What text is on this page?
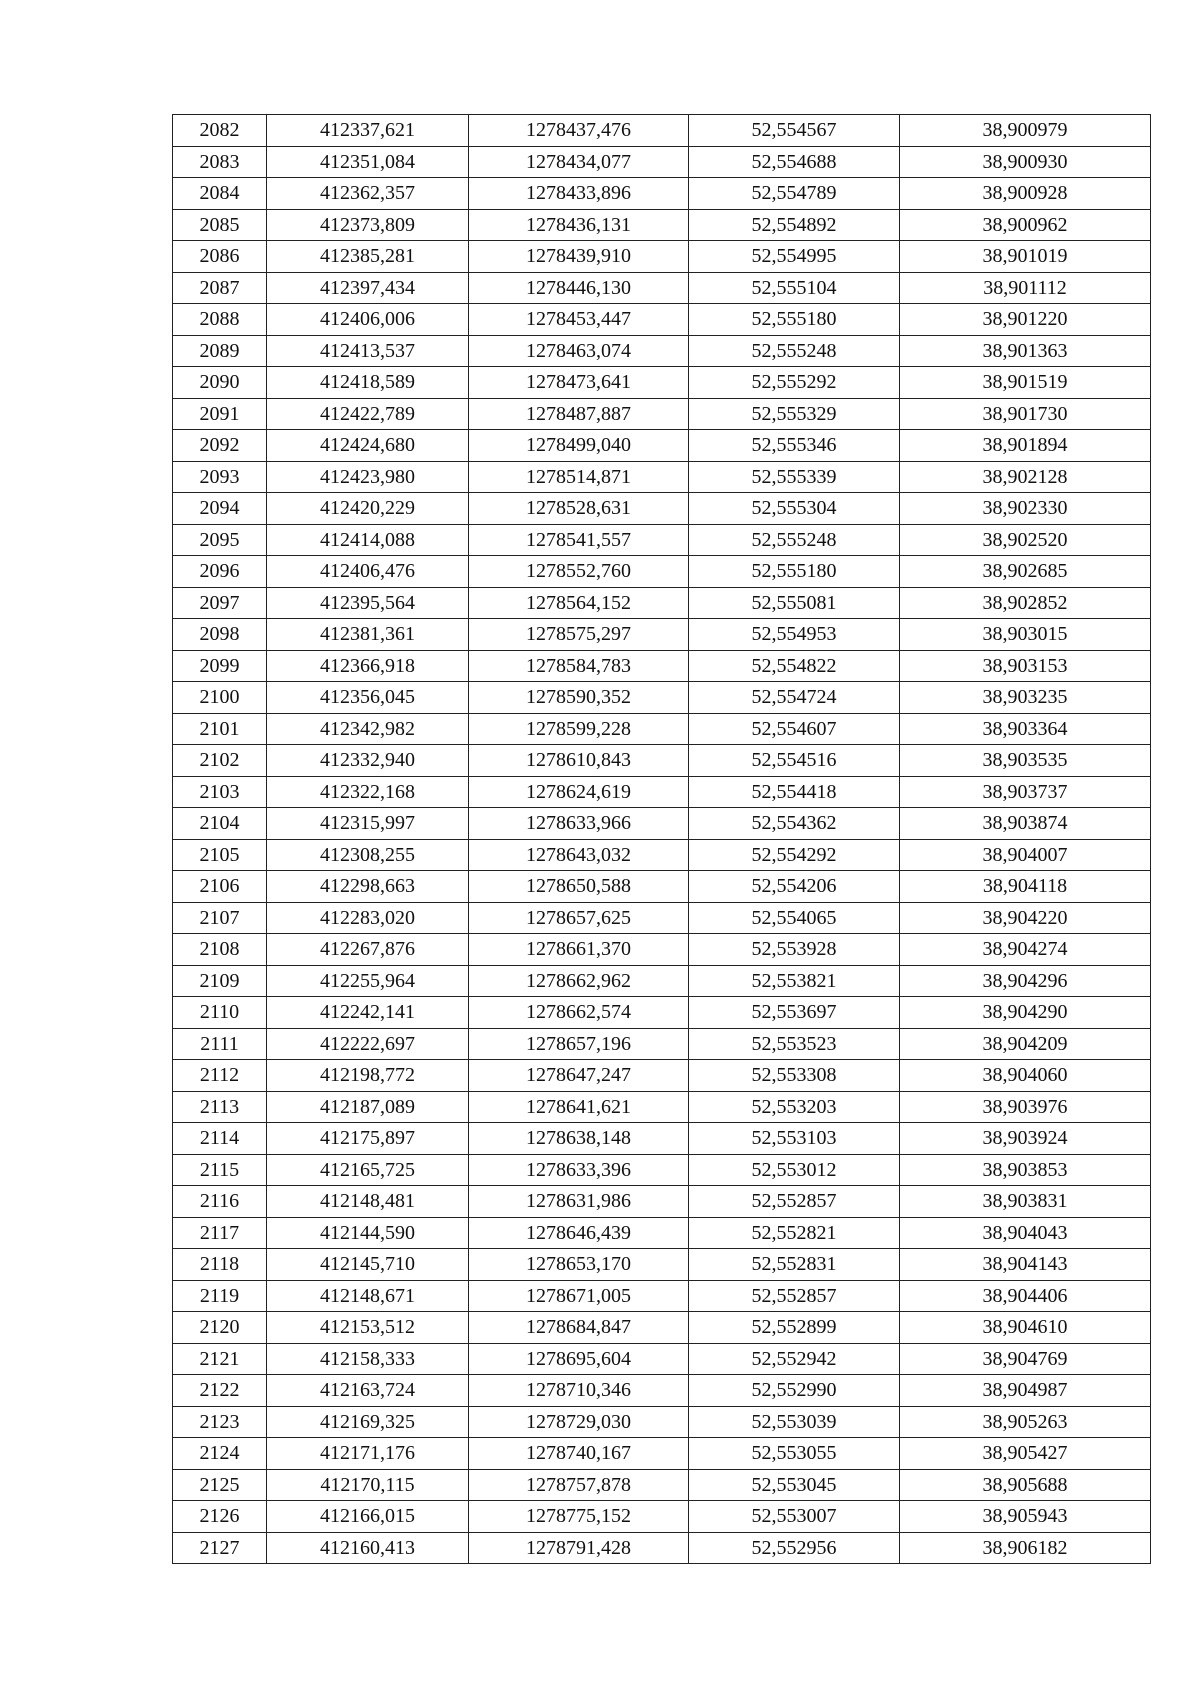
2082	412337,621	1278437,476	52,554567	38,900979
2083	412351,084	1278434,077	52,554688	38,900930
2084	412362,357	1278433,896	52,554789	38,900928
2085	412373,809	1278436,131	52,554892	38,900962
2086	412385,281	1278439,910	52,554995	38,901019
2087	412397,434	1278446,130	52,555104	38,901112
2088	412406,006	1278453,447	52,555180	38,901220
2089	412413,537	1278463,074	52,555248	38,901363
2090	412418,589	1278473,641	52,555292	38,901519
2091	412422,789	1278487,887	52,555329	38,901730
2092	412424,680	1278499,040	52,555346	38,901894
2093	412423,980	1278514,871	52,555339	38,902128
2094	412420,229	1278528,631	52,555304	38,902330
2095	412414,088	1278541,557	52,555248	38,902520
2096	412406,476	1278552,760	52,555180	38,902685
2097	412395,564	1278564,152	52,555081	38,902852
2098	412381,361	1278575,297	52,554953	38,903015
2099	412366,918	1278584,783	52,554822	38,903153
2100	412356,045	1278590,352	52,554724	38,903235
2101	412342,982	1278599,228	52,554607	38,903364
2102	412332,940	1278610,843	52,554516	38,903535
2103	412322,168	1278624,619	52,554418	38,903737
2104	412315,997	1278633,966	52,554362	38,903874
2105	412308,255	1278643,032	52,554292	38,904007
2106	412298,663	1278650,588	52,554206	38,904118
2107	412283,020	1278657,625	52,554065	38,904220
2108	412267,876	1278661,370	52,553928	38,904274
2109	412255,964	1278662,962	52,553821	38,904296
2110	412242,141	1278662,574	52,553697	38,904290
2111	412222,697	1278657,196	52,553523	38,904209
2112	412198,772	1278647,247	52,553308	38,904060
2113	412187,089	1278641,621	52,553203	38,903976
2114	412175,897	1278638,148	52,553103	38,903924
2115	412165,725	1278633,396	52,553012	38,903853
2116	412148,481	1278631,986	52,552857	38,903831
2117	412144,590	1278646,439	52,552821	38,904043
2118	412145,710	1278653,170	52,552831	38,904143
2119	412148,671	1278671,005	52,552857	38,904406
2120	412153,512	1278684,847	52,552899	38,904610
2121	412158,333	1278695,604	52,552942	38,904769
2122	412163,724	1278710,346	52,552990	38,904987
2123	412169,325	1278729,030	52,553039	38,905263
2124	412171,176	1278740,167	52,553055	38,905427
2125	412170,115	1278757,878	52,553045	38,905688
2126	412166,015	1278775,152	52,553007	38,905943
2127	412160,413	1278791,428	52,552956	38,906182
